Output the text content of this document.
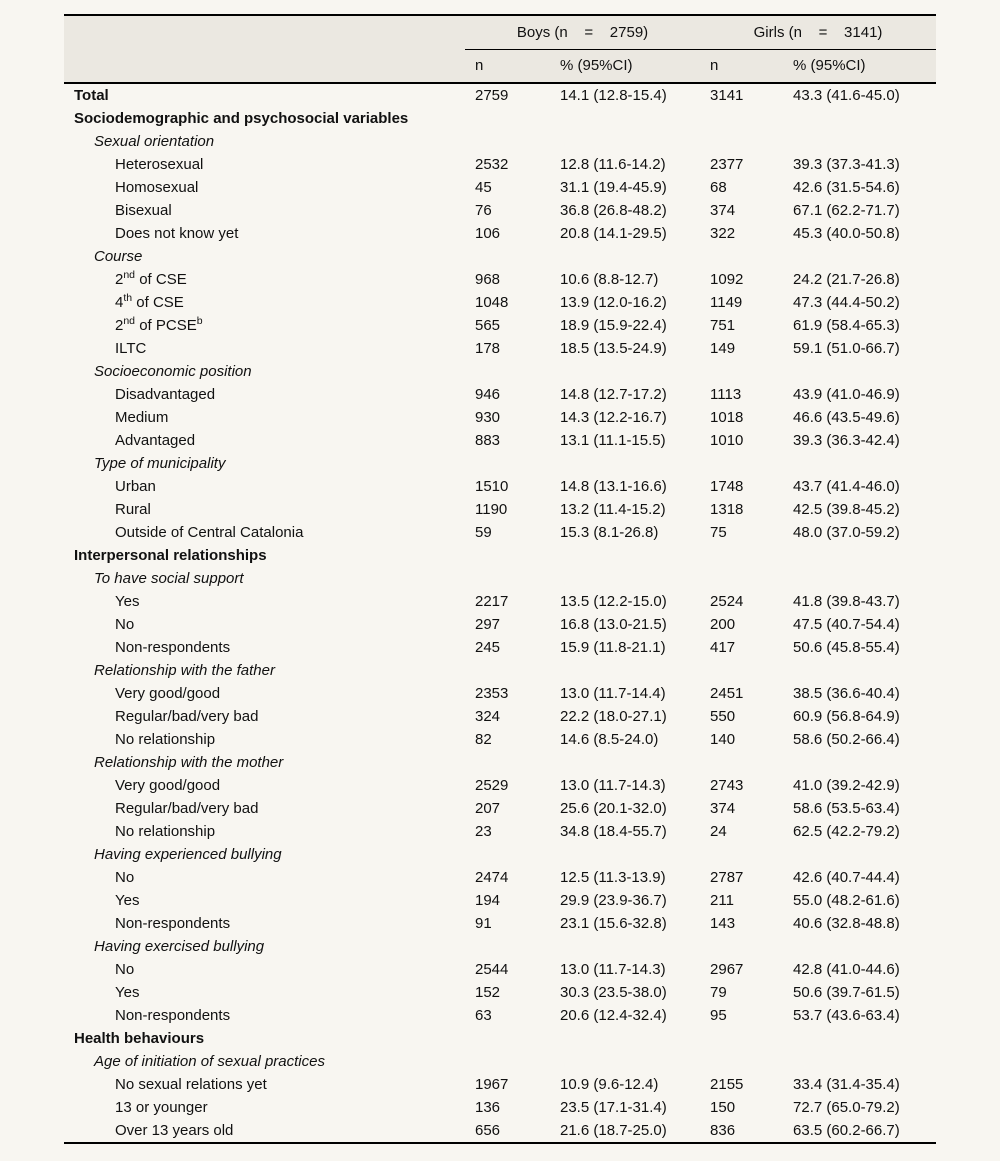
	Boys (n    =    2759)		Girls (n    =    3141)	
	n	% (95%CI)	n	% (95%CI)
Total	2759	14.1 (12.8-15.4)	3141	43.3 (41.6-45.0)
Sociodemographic and psychosocial variables				
Sexual orientation				
Heterosexual	2532	12.8 (11.6-14.2)	2377	39.3 (37.3-41.3)
Homosexual	45	31.1 (19.4-45.9)	68	42.6 (31.5-54.6)
Bisexual	76	36.8 (26.8-48.2)	374	67.1 (62.2-71.7)
Does not know yet	106	20.8 (14.1-29.5)	322	45.3 (40.0-50.8)
Course				
2nd of CSE	968	10.6 (8.8-12.7)	1092	24.2 (21.7-26.8)
4th of CSE	1048	13.9 (12.0-16.2)	1149	47.3 (44.4-50.2)
2nd of PCSE$^b$	565	18.9 (15.9-22.4)	751	61.9 (58.4-65.3)
ILTC	178	18.5 (13.5-24.9)	149	59.1 (51.0-66.7)
Socioeconomic position				
Disadvantaged	946	14.8 (12.7-17.2)	1113	43.9 (41.0-46.9)
Medium	930	14.3 (12.2-16.7)	1018	46.6 (43.5-49.6)
Advantaged	883	13.1 (11.1-15.5)	1010	39.3 (36.3-42.4)
Type of municipality				
Urban	1510	14.8 (13.1-16.6)	1748	43.7 (41.4-46.0)
Rural	1190	13.2 (11.4-15.2)	1318	42.5 (39.8-45.2)
Outside of Central Catalonia	59	15.3 (8.1-26.8)	75	48.0 (37.0-59.2)
Interpersonal relationships				
To have social support				
Yes	2217	13.5 (12.2-15.0)	2524	41.8 (39.8-43.7)
No	297	16.8 (13.0-21.5)	200	47.5 (40.7-54.4)
Non-respondents	245	15.9 (11.8-21.1)	417	50.6 (45.8-55.4)
Relationship with the father				
Very good/good	2353	13.0 (11.7-14.4)	2451	38.5 (36.6-40.4)
Regular/bad/very bad	324	22.2 (18.0-27.1)	550	60.9 (56.8-64.9)
No relationship	82	14.6 (8.5-24.0)	140	58.6 (50.2-66.4)
Relationship with the mother				
Very good/good	2529	13.0 (11.7-14.3)	2743	41.0 (39.2-42.9)
Regular/bad/very bad	207	25.6 (20.1-32.0)	374	58.6 (53.5-63.4)
No relationship	23	34.8 (18.4-55.7)	24	62.5 (42.2-79.2)
Having experienced bullying				
No	2474	12.5 (11.3-13.9)	2787	42.6 (40.7-44.4)
Yes	194	29.9 (23.9-36.7)	211	55.0 (48.2-61.6)
Non-respondents	91	23.1 (15.6-32.8)	143	40.6 (32.8-48.8)
Having exercised bullying				
No	2544	13.0 (11.7-14.3)	2967	42.8 (41.0-44.6)
Yes	152	30.3 (23.5-38.0)	79	50.6 (39.7-61.5)
Non-respondents	63	20.6 (12.4-32.4)	95	53.7 (43.6-63.4)
Health behaviours				
Age of initiation of sexual practices				
No sexual relations yet	1967	10.9 (9.6-12.4)	2155	33.4 (31.4-35.4)
13 or younger	136	23.5 (17.1-31.4)	150	72.7 (65.0-79.2)
Over 13 years old	656	21.6 (18.7-25.0)	836	63.5 (60.2-66.7)
